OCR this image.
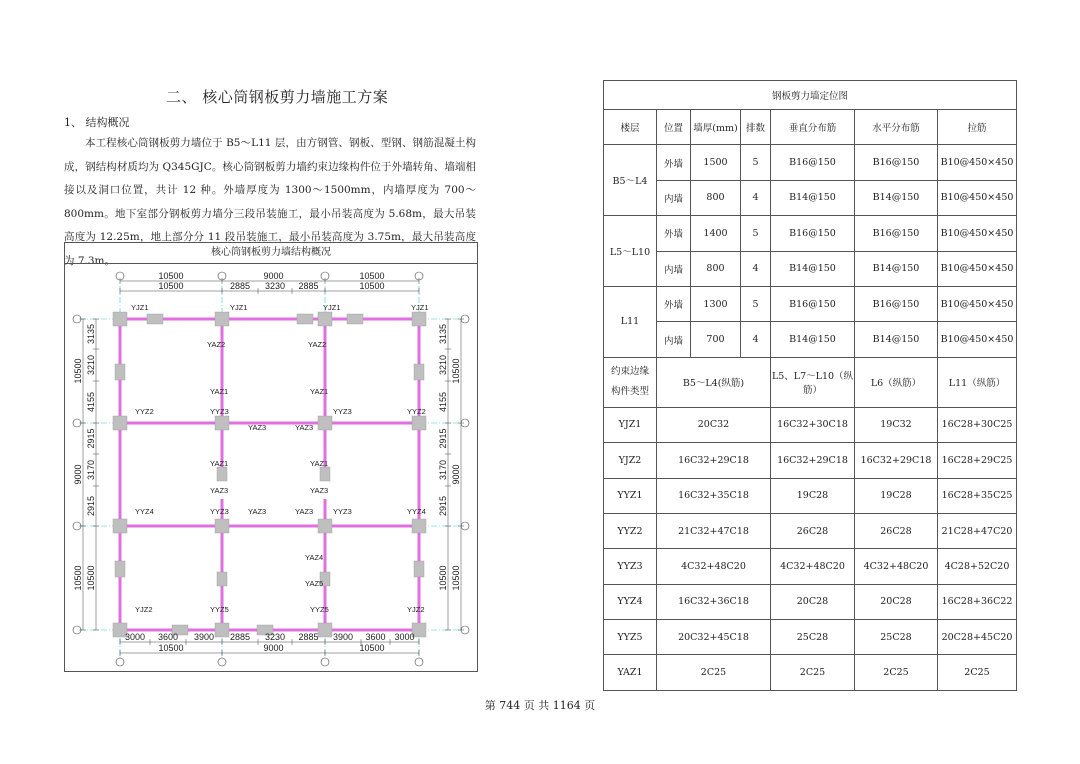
二、 核心筒钢板剪力墙施工方案
1、 结构概况
本工程核心筒钢板剪力墙位于 B5～L11 层，由方钢管、钢板、型钢、钢筋混凝土构成，钢结构材质均为 Q345GJC。核心筒钢板剪力墙约束边缘构件位于外墙转角、墙端相接以及洞口位置，共计 12 种。外墙厚度为 1300～1500mm，内墙厚度为 700～800mm。地下室部分钢板剪力墙分三段吊装施工，最小吊装高度为 5.68m，最大吊装高度为 12.25m，地上部分分 11 段吊装施工，最小吊装高度为 3.75m，最大吊装高度为 7.3m。
核心筒钢板剪力墙结构概况
YJZ1	YJZ1	YJZ1	YJZ1
YAZ2	YAZ2
YAZ1	YAZ1
YYZ2	YYZ3
YAZ3	YAZ3
YYZ3	YYZ2
YAZ1	YAZ1
YAZ3	YAZ3
YYZ4	YYZ3	YAZ3	YAZ3	YYZ3	YYZ4
YAZ4
YAZ5
YJZ2	YYZ5	YYZ5	YJZ2
10500	9000	10500
10500	2885 3230 2885	10500
3000 3600 3900 2885 3230 2885 3900 3600 3000
10500	9000	10500
10500
9000
10500
3135
3210
4155
2915
3170
2915
10500
3135
3210
4155
2915
3170
2915
10500
10500
9000
10500
钢板剪力墙定位图						
楼层	位置	墙厚(mm)	排数	垂直分布筋	水平分布筋	拉筋
B5～L4	外墙	1500	5	B16@150	B16@150	B10@450×450
	内墙	800	4	B14@150	B14@150	B10@450×450
L5～L10	外墙	1400	5	B16@150	B16@150	B10@450×450
	内墙	800	4	B14@150	B14@150	B10@450×450
L11	外墙	1300	5	B16@150	B16@150	B10@450×450
	内墙	700	4	B14@150	B14@150	B10@450×450
约束边缘构件类型	B5～L4(纵筋)			L5、L7～L10（纵筋）	L6（纵筋）	L11（纵筋）
YJZ1	20C32			16C32+30C18	19C32	16C28+30C25
YJZ2	16C32+29C18			16C32+29C18	16C32+29C18	16C28+29C25
YYZ1	16C32+35C18			19C28	19C28	16C28+35C25
YYZ2	21C32+47C18			26C28	26C28	21C28+47C20
YYZ3	4C32+48C20			4C32+48C20	4C32+48C20	4C28+52C20
YYZ4	16C32+36C18			20C28	20C28	16C28+36C22
YYZ5	20C32+45C18			25C28	25C28	20C28+45C20
YAZ1	2C25			2C25	2C25	2C25
第 744 页 共 1164 页
